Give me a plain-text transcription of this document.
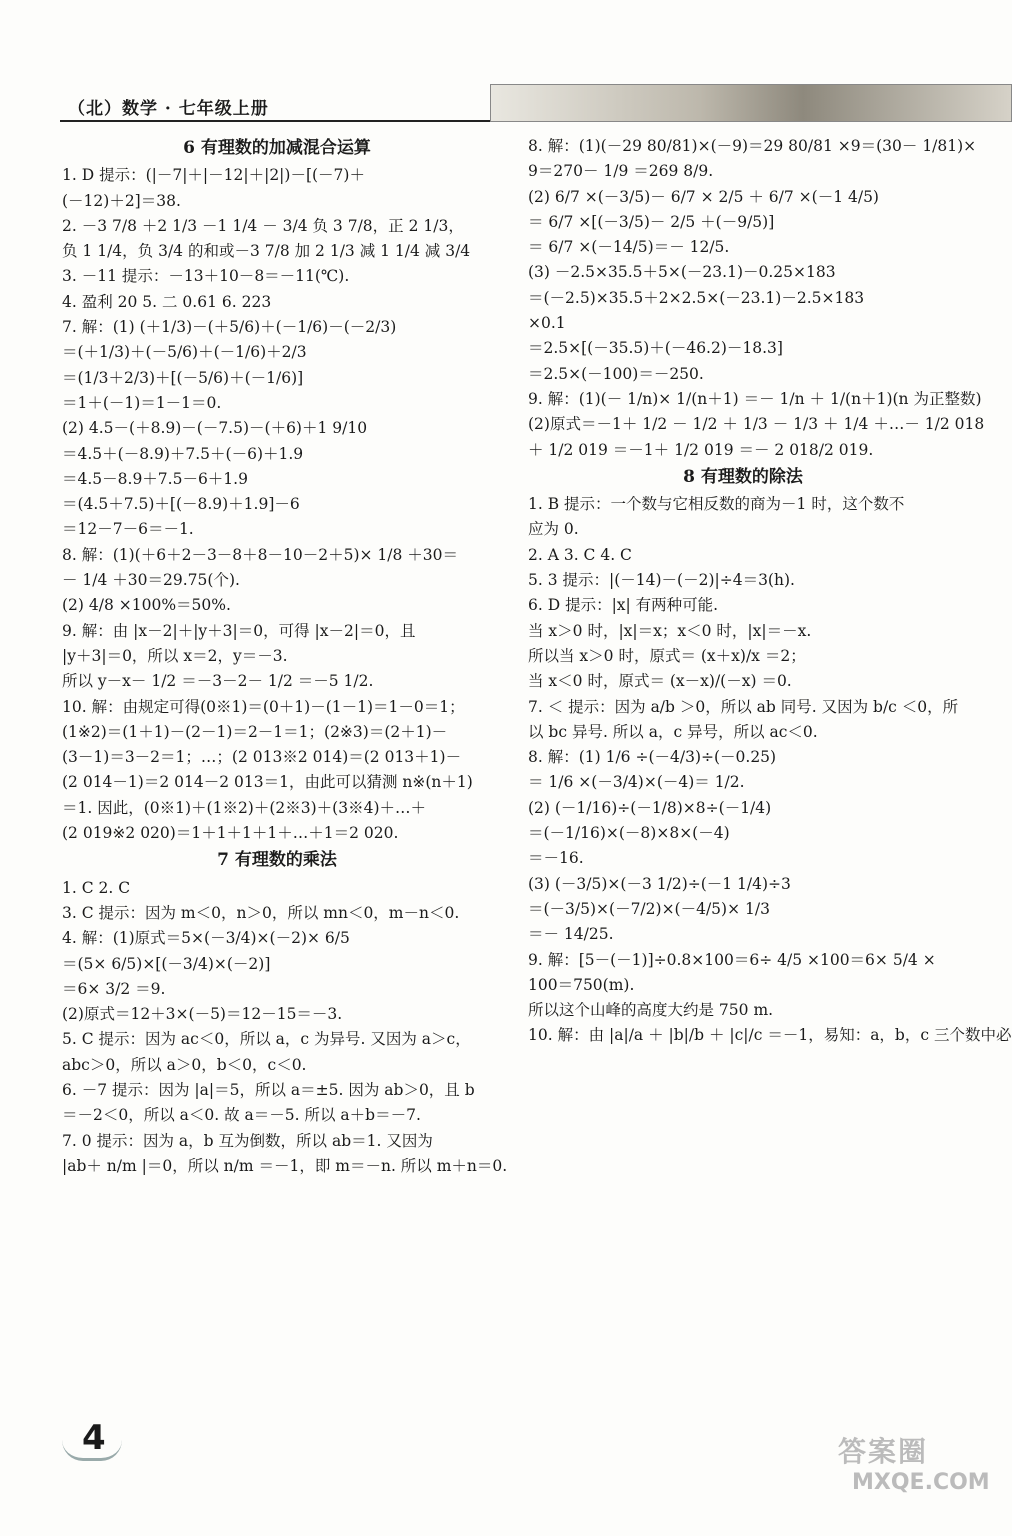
（北）数学 · 七年级上册
6 有理数的加减混合运算
1. D 提示：(|－7|＋|－12|＋|2|)－[(－7)＋
(－12)＋2]＝38.
2. －3 7/8 ＋2 1/3 －1 1/4 － 3/4 负 3 7/8，正 2 1/3，
负 1 1/4，负 3/4 的和或－3 7/8 加 2 1/3 减 1 1/4 减 3/4
3. －11 提示：－13＋10－8＝－11(℃).
4. 盈利 20 5. 二 0.61 6. 223
7. 解：(1) (＋1/3)－(＋5/6)＋(－1/6)－(－2/3)
＝(＋1/3)＋(－5/6)＋(－1/6)＋2/3
＝(1/3＋2/3)＋[(－5/6)＋(－1/6)]
＝1＋(－1)＝1－1＝0.
(2) 4.5－(＋8.9)－(－7.5)－(＋6)＋1 9/10
＝4.5＋(－8.9)＋7.5＋(－6)＋1.9
＝4.5－8.9＋7.5－6＋1.9
＝(4.5＋7.5)＋[(－8.9)＋1.9]－6
＝12－7－6＝－1.
8. 解：(1)(＋6＋2－3－8＋8－10－2＋5)× 1/8 ＋30＝
－ 1/4 ＋30＝29.75(个).
(2) 4/8 ×100%＝50%.
9. 解：由 |x－2|＋|y＋3|＝0，可得 |x－2|＝0，且
|y＋3|＝0，所以 x＝2，y＝－3.
所以 y－x－ 1/2 ＝－3－2－ 1/2 ＝－5 1/2.
10. 解：由规定可得(0※1)＝(0＋1)－(1－1)＝1－0＝1；
(1※2)＝(1＋1)－(2－1)＝2－1＝1；(2※3)＝(2＋1)－
(3－1)＝3－2＝1；…；(2 013※2 014)＝(2 013＋1)－
(2 014－1)＝2 014－2 013＝1，由此可以猜测 n※(n＋1)
＝1. 因此，(0※1)＋(1※2)＋(2※3)＋(3※4)＋…＋
(2 019※2 020)＝1＋1＋1＋1＋…＋1＝2 020.
7 有理数的乘法
1. C 2. C
3. C 提示：因为 m＜0，n＞0，所以 mn＜0，m－n＜0.
4. 解：(1)原式＝5×(－3/4)×(－2)× 6/5
＝(5× 6/5)×[(－3/4)×(－2)]
＝6× 3/2 ＝9.
(2)原式＝12＋3×(－5)＝12－15＝－3.
5. C 提示：因为 ac＜0，所以 a，c 为异号. 又因为 a＞c，
abc＞0，所以 a＞0，b＜0，c＜0.
6. －7 提示：因为 |a|＝5，所以 a＝±5. 因为 ab＞0，且 b
＝－2＜0，所以 a＜0. 故 a＝－5. 所以 a＋b＝－7.
7. 0 提示：因为 a，b 互为倒数，所以 ab＝1. 又因为
|ab＋ n/m |＝0，所以 n/m ＝－1，即 m＝－n. 所以 m＋n＝0.
8. 解：(1)(－29 80/81)×(－9)＝29 80/81 ×9＝(30－ 1/81)×
9＝270－ 1/9 ＝269 8/9.
(2) 6/7 ×(－3/5)－ 6/7 × 2/5 ＋ 6/7 ×(－1 4/5)
＝ 6/7 ×[(－3/5)－ 2/5 ＋(－9/5)]
＝ 6/7 ×(－14/5)＝－ 12/5.
(3) －2.5×35.5＋5×(－23.1)－0.25×183
＝(－2.5)×35.5＋2×2.5×(－23.1)－2.5×183
×0.1
＝2.5×[(－35.5)＋(－46.2)－18.3]
＝2.5×(－100)＝－250.
9. 解：(1)(－ 1/n)× 1/(n＋1) ＝－ 1/n ＋ 1/(n＋1)(n 为正整数)
(2)原式＝－1＋ 1/2 － 1/2 ＋ 1/3 － 1/3 ＋ 1/4 ＋…－ 1/2 018
＋ 1/2 019 ＝－1＋ 1/2 019 ＝－ 2 018/2 019.
8 有理数的除法
1. B 提示：一个数与它相反数的商为－1 时，这个数不
应为 0.
2. A 3. C 4. C
5. 3 提示：|(－14)－(－2)|÷4＝3(h).
6. D 提示：|x| 有两种可能.
当 x＞0 时，|x|＝x；x＜0 时，|x|＝－x.
所以当 x＞0 时，原式＝ (x＋x)/x ＝2；
当 x＜0 时，原式＝ (x－x)/(－x) ＝0.
7. ＜ 提示：因为 a/b ＞0，所以 ab 同号. 又因为 b/c ＜0，所
以 bc 异号. 所以 a，c 异号，所以 ac＜0.
8. 解：(1) 1/6 ÷(－4/3)÷(－0.25)
＝ 1/6 ×(－3/4)×(－4)＝ 1/2.
(2) (－1/16)÷(－1/8)×8÷(－1/4)
＝(－1/16)×(－8)×8×(－4)
＝－16.
(3) (－3/5)×(－3 1/2)÷(－1 1/4)÷3
＝(－3/5)×(－7/2)×(－4/5)× 1/3
＝－ 14/25.
9. 解：[5－(－1)]÷0.8×100＝6÷ 4/5 ×100＝6× 5/4 ×
100＝750(m).
所以这个山峰的高度大约是 750 m.
10. 解：由 |a|/a ＋ |b|/b ＋ |c|/c ＝－1，易知：a，b，c 三个数中必
4	答案圈
MXQE.COM
